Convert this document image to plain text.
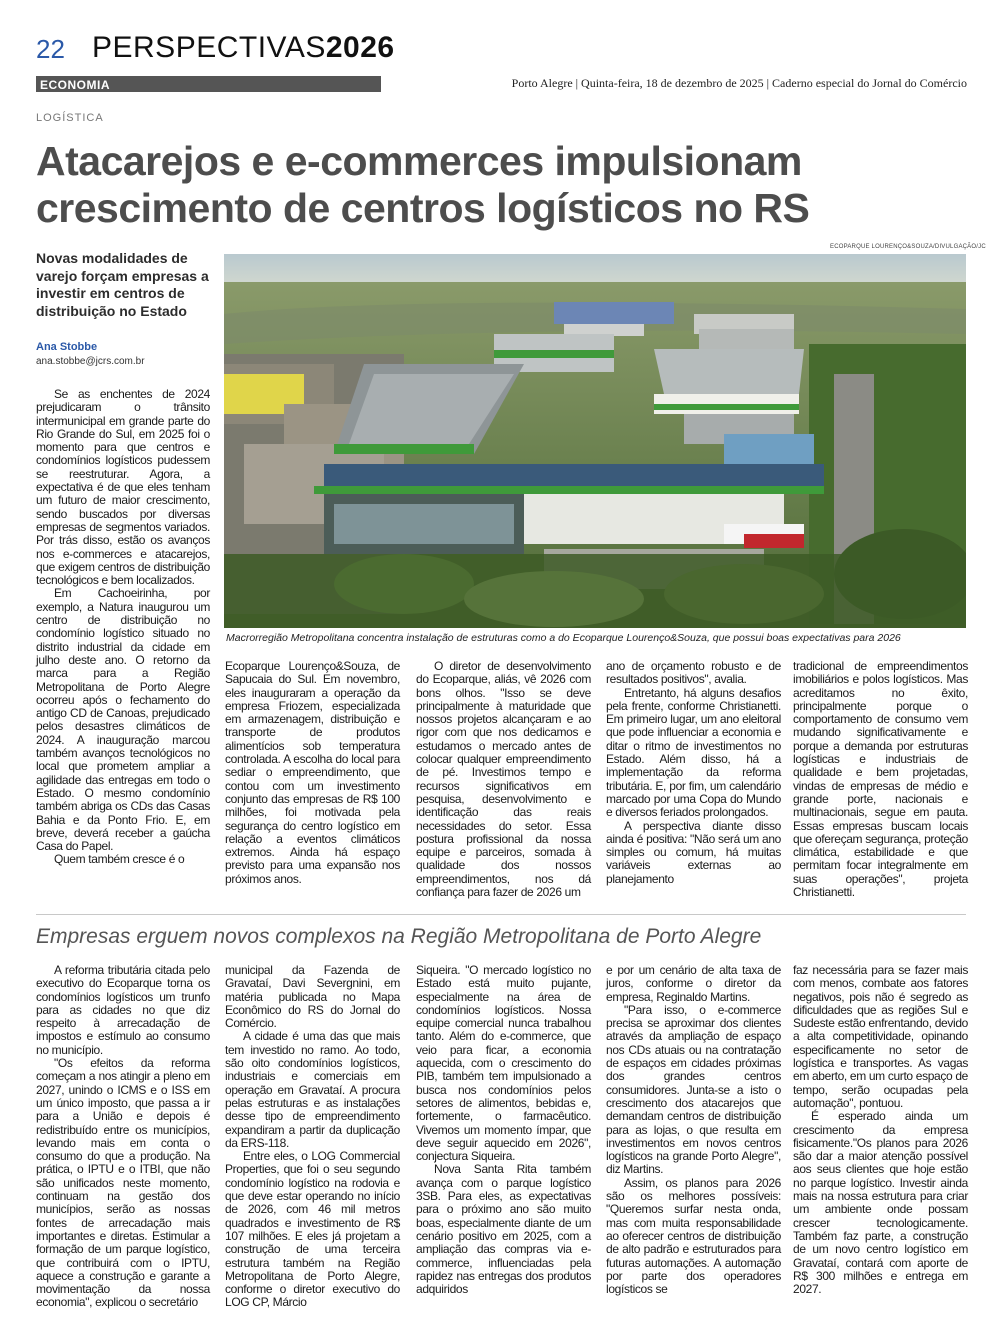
22 PERSPECTIVAS2026
ECONOMIA	Porto Alegre | Quinta-feira, 18 de dezembro de 2025 | Caderno especial do Jornal do Comércio
LOGÍSTICA
Atacarejos e e-commerces impulsionam crescimento de centros logísticos no RS
Novas modalidades de varejo forçam empresas a investir em centros de distribuição no Estado
Ana Stobbe
ana.stobbe@jcrs.com.br
ECOPARQUE LOURENÇO&SOUZA/DIVULGAÇÃO/JC
Macrorregião Metropolitana concentra instalação de estruturas como a do Ecoparque Lourenço&Souza, que possui boas expectativas para 2026

Se as enchentes de 2024 prejudicaram o trânsito intermunicipal em grande parte do Rio Grande do Sul, em 2025 foi o momento para que centros e condomínios logísticos pudessem se reestruturar. Agora, a expectativa é de que eles tenham um futuro de maior crescimento, sendo buscados por diversas empresas de segmentos variados. Por trás disso, estão os avanços nos e-commerces e atacarejos, que exigem centros de distribuição tecnológicos e bem localizados.

Em Cachoeirinha, por exemplo, a Natura inaugurou um centro de distribuição no condomínio logístico situado no distrito industrial da cidade em julho deste ano. O retorno da marca para a Região Metropolitana de Porto Alegre ocorreu após o fechamento do antigo CD de Canoas, prejudicado pelos desastres climáticos de 2024. A inauguração marcou também avanços tecnológicos no local que prometem ampliar a agilidade das entregas em todo o Estado. O mesmo condomínio também abriga os CDs das Casas Bahia e da Ponto Frio. E, em breve, deverá receber a gaúcha Casa do Papel.

Quem também cresce é o

Ecoparque Lourenço&Souza, de Sapucaia do Sul. Em novembro, eles inauguraram a operação da empresa Friozem, especializada em armazenagem, distribuição e transporte de produtos alimentícios sob temperatura controlada. A escolha do local para sediar o empreendimento, que contou com um investimento conjunto das empresas de R$ 100 milhões, foi motivada pela segurança do centro logístico em relação a eventos climáticos extremos. Ainda há espaço previsto para uma expansão nos próximos anos.

O diretor de desenvolvimento do Ecoparque, aliás, vê 2026 com bons olhos. "Isso se deve principalmente à maturidade que nossos projetos alcançaram e ao rigor com que nos dedicamos e estudamos o mercado antes de colocar qualquer empreendimento de pé. Investimos tempo e recursos significativos em pesquisa, desenvolvimento e identificação das reais necessidades do setor. Essa postura profissional da nossa equipe e parceiros, somada à qualidade dos nossos empreendimentos, nos dá confiança para fazer de 2026 um

ano de orçamento robusto e de resultados positivos", avalia.

Entretanto, há alguns desafios pela frente, conforme Christianetti. Em primeiro lugar, um ano eleitoral que pode influenciar a economia e ditar o ritmo de investimentos no Estado. Além disso, há a implementação da reforma tributária. E, por fim, um calendário marcado por uma Copa do Mundo e diversos feriados prolongados.

A perspectiva diante disso ainda é positiva: "Não será um ano simples ou comum, há muitas variáveis externas ao planejamento

tradicional de empreendimentos imobiliários e polos logísticos. Mas acreditamos no êxito, principalmente porque o comportamento de consumo vem mudando significativamente e porque a demanda por estruturas logísticas e industriais de qualidade e bem projetadas, vindas de empresas de médio e grande porte, nacionais e multinacionais, segue em pauta. Essas empresas buscam locais que ofereçam segurança, proteção climática, estabilidade e que permitam focar integralmente em suas operações", projeta Christianetti.

Empresas erguem novos complexos na Região Metropolitana de Porto Alegre

A reforma tributária citada pelo executivo do Ecoparque torna os condomínios logísticos um trunfo para as cidades no que diz respeito à arrecadação de impostos e estímulo ao consumo no município.

"Os efeitos da reforma começam a nos atingir a pleno em 2027, unindo o ICMS e o ISS em um único imposto, que passa a ir para a União e depois é redistribuído entre os municípios, levando mais em conta o consumo do que a produção. Na prática, o IPTU e o ITBI, que não são unificados neste momento, continuam na gestão dos municípios, serão as nossas fontes de arrecadação mais importantes e diretas. Estimular a formação de um parque logístico, que contribuirá com o IPTU, aquece a construção e garante a movimentação da nossa economia", explicou o secretário

municipal da Fazenda de Gravataí, Davi Severgnini, em matéria publicada no Mapa Econômico do RS do Jornal do Comércio.

A cidade é uma das que mais tem investido no ramo. Ao todo, são oito condomínios logísticos, industriais e comerciais em operação em Gravataí. A procura pelas estruturas e as instalações desse tipo de empreendimento expandiram a partir da duplicação da ERS-118.

Entre eles, o LOG Commercial Properties, que foi o seu segundo condomínio logístico na rodovia e que deve estar operando no início de 2026, com 46 mil metros quadrados e investimento de R$ 107 milhões. E eles já projetam a construção de uma terceira estrutura também na Região Metropolitana de Porto Alegre, conforme o diretor executivo do LOG CP, Márcio

Siqueira. "O mercado logístico no Estado está muito pujante, especialmente na área de condomínios logísticos. Nossa equipe comercial nunca trabalhou tanto. Além do e-commerce, que veio para ficar, a economia aquecida, com o crescimento do PIB, também tem impulsionado a busca nos condomínios pelos setores de alimentos, bebidas e, fortemente, o farmacêutico. Vivemos um momento ímpar, que deve seguir aquecido em 2026", conjectura Siqueira.

Nova Santa Rita também avança com o parque logístico 3SB. Para eles, as expectativas para o próximo ano são muito boas, especialmente diante de um cenário positivo em 2025, com a ampliação das compras via e-commerce, influenciadas pela rapidez nas entregas dos produtos adquiridos

e por um cenário de alta taxa de juros, conforme o diretor da empresa, Reginaldo Martins.

"Para isso, o e-commerce precisa se aproximar dos clientes através da ampliação de espaço nos CDs atuais ou na contratação de espaços em cidades próximas dos grandes centros consumidores. Junta-se a isto o crescimento dos atacarejos que demandam centros de distribuição para as lojas, o que resulta em investimentos em novos centros logísticos na grande Porto Alegre", diz Martins.

Assim, os planos para 2026 são os melhores possíveis: "Queremos surfar nesta onda, mas com muita responsabilidade ao oferecer centros de distribuição de alto padrão e estruturados para futuras automações. A automação por parte dos operadores logísticos se

faz necessária para se fazer mais com menos, combate aos fatores negativos, pois não é segredo as dificuldades que as regiões Sul e Sudeste estão enfrentando, devido a alta competitividade, opinando especificamente no setor de logística e transportes. As vagas em aberto, em um curto espaço de tempo, serão ocupadas pela automação", pontuou.

É esperado ainda um crescimento da empresa fisicamente."Os planos para 2026 são dar a maior atenção possível aos seus clientes que hoje estão no parque logístico. Investir ainda mais na nossa estrutura para criar um ambiente onde possam crescer tecnologicamente. Também faz parte, a construção de um novo centro logístico em Gravataí, contará com aporte de R$ 300 milhões e entrega em 2027.
